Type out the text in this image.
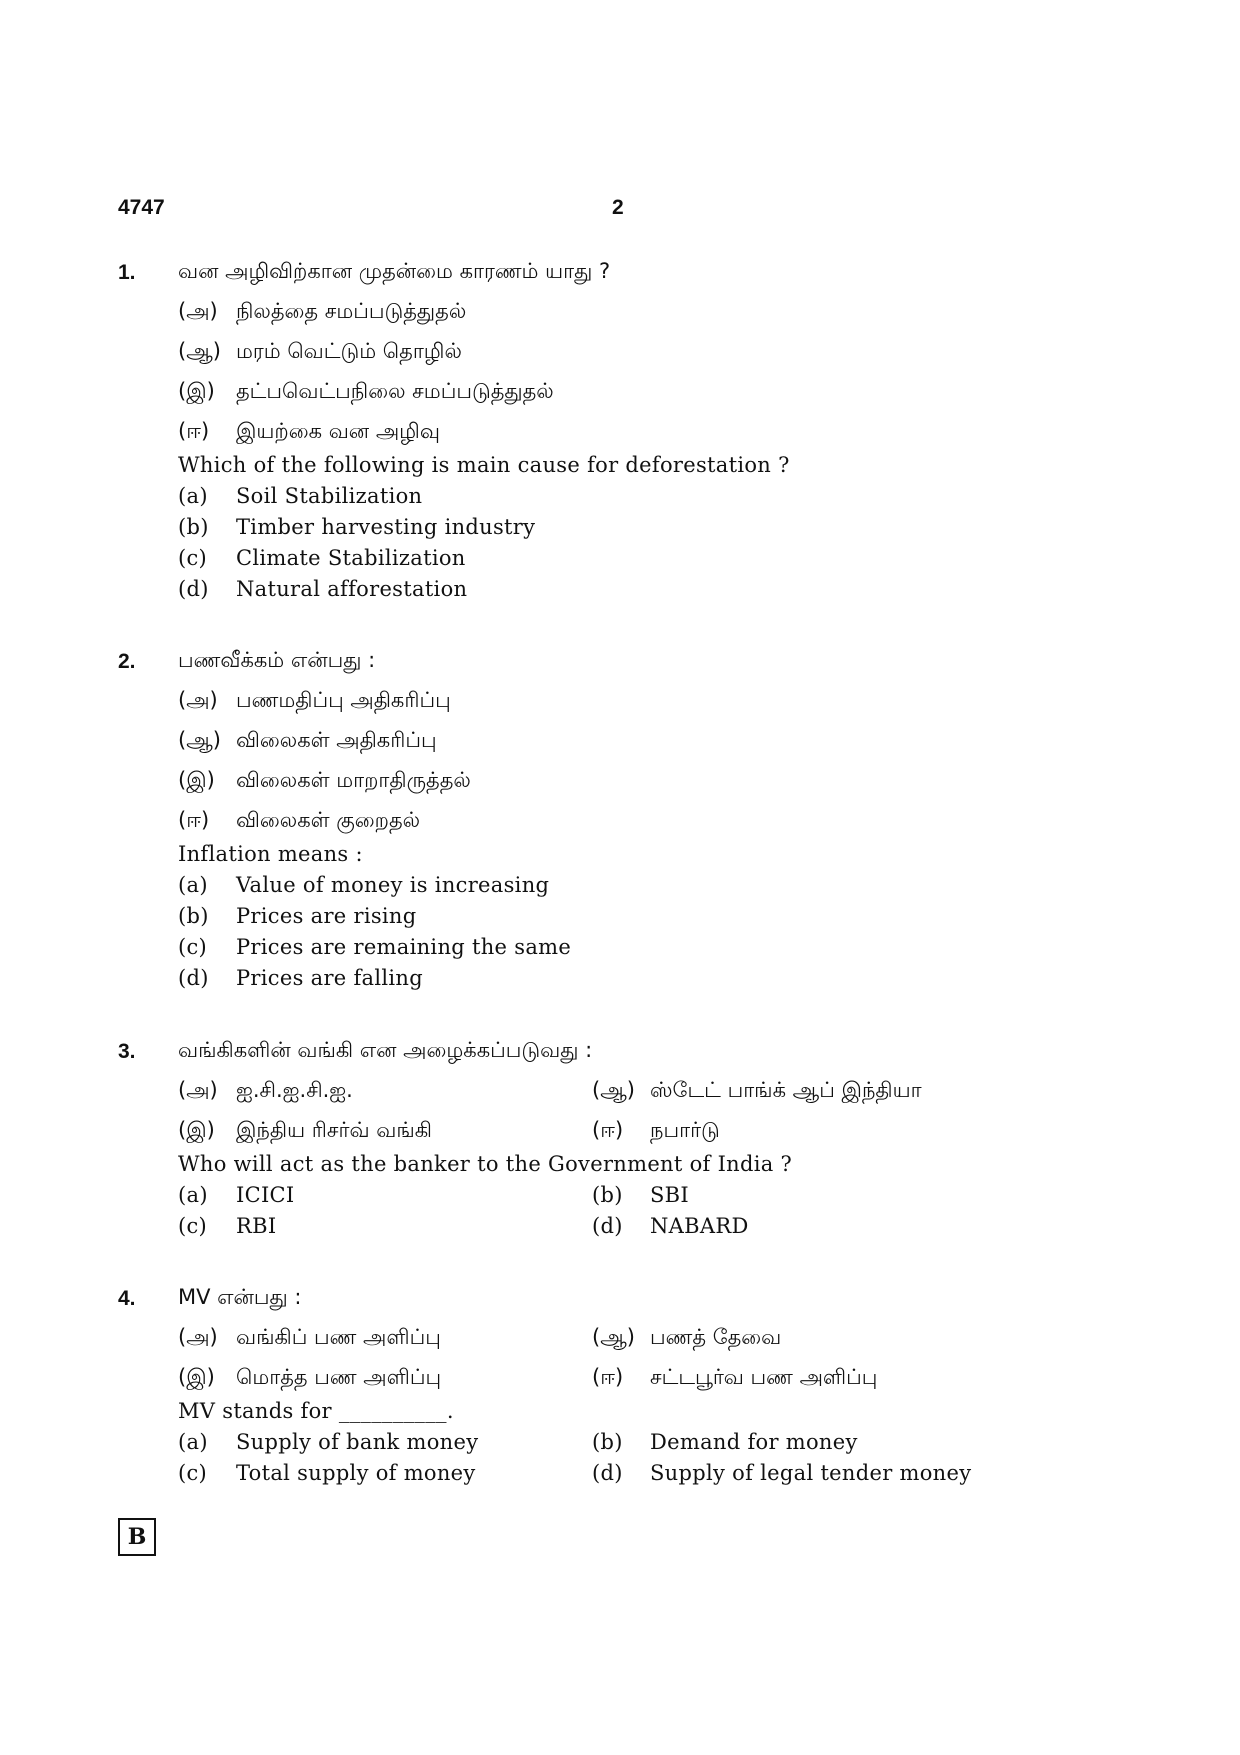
4747	2
1. வன அழிவிற்கான முதன்மை காரணம் யாது ?
(அ) நிலத்தை சமப்படுத்துதல்
(ஆ) மரம் வெட்டும் தொழில்
(இ) தட்பவெட்பநிலை சமப்படுத்துதல்
(ஈ) இயற்கை வன அழிவு
Which of the following is main cause for deforestation ?
(a) Soil Stabilization
(b) Timber harvesting industry
(c) Climate Stabilization
(d) Natural afforestation
2. பணவீக்கம் என்பது :
(அ) பணமதிப்பு அதிகரிப்பு
(ஆ) விலைகள் அதிகரிப்பு
(இ) விலைகள் மாறாதிருத்தல்
(ஈ) விலைகள் குறைதல்
Inflation means :
(a) Value of money is increasing
(b) Prices are rising
(c) Prices are remaining the same
(d) Prices are falling
3. வங்கிகளின் வங்கி என அழைக்கப்படுவது :
(அ) ஐ.சி.ஐ.சி.ஐ.	(ஆ) ஸ்டேட் பாங்க் ஆப் இந்தியா
(இ) இந்திய ரிசர்வ் வங்கி	(ஈ) நபார்டு
Who will act as the banker to the Government of India ?
(a) ICICI	(b) SBI
(c) RBI	(d) NABARD
4. MV என்பது :
(அ) வங்கிப் பண அளிப்பு	(ஆ) பணத் தேவை
(இ) மொத்த பண அளிப்பு	(ஈ) சட்டபூர்வ பண அளிப்பு
MV stands for __________.
(a) Supply of bank money	(b) Demand for money
(c) Total supply of money	(d) Supply of legal tender money
B
